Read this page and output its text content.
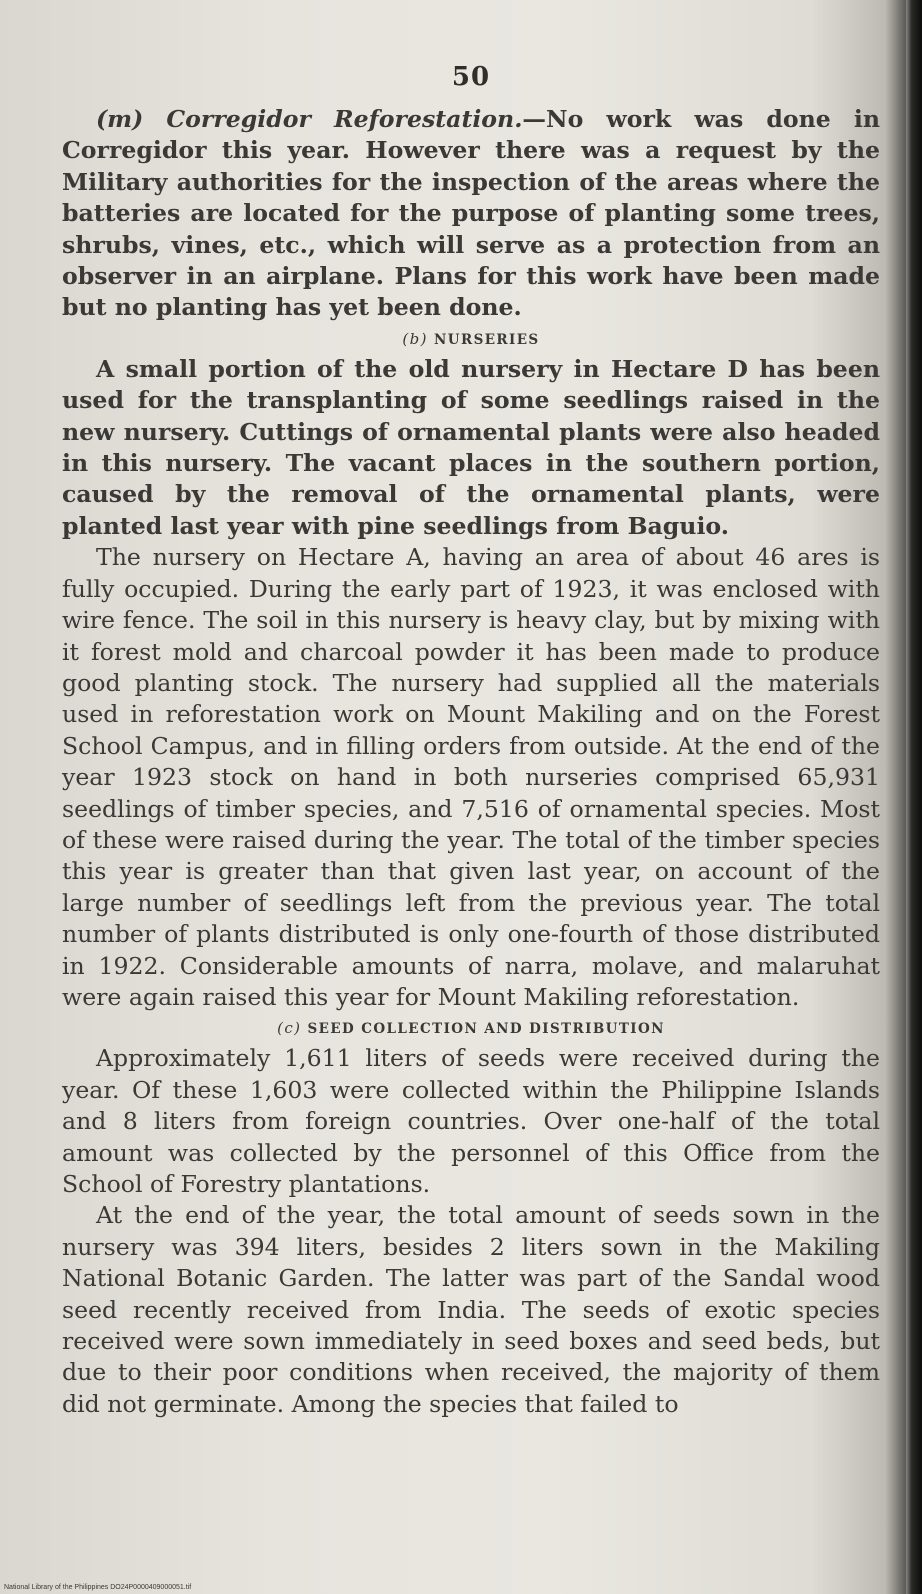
50

(m) Corregidor Reforestation.—No work was done in Corregidor this year. However there was a request by the Military authorities for the inspection of the areas where the batteries are located for the purpose of planting some trees, shrubs, vines, etc., which will serve as a protection from an observer in an airplane. Plans for this work have been made but no planting has yet been done.

(b) NURSERIES

A small portion of the old nursery in Hectare D has been used for the transplanting of some seedlings raised in the new nursery. Cuttings of ornamental plants were also headed in this nursery. The vacant places in the southern portion, caused by the removal of the ornamental plants, were planted last year with pine seedlings from Baguio.

The nursery on Hectare A, having an area of about 46 ares is fully occupied. During the early part of 1923, it was enclosed with wire fence. The soil in this nursery is heavy clay, but by mixing with it forest mold and charcoal powder it has been made to produce good planting stock. The nursery had supplied all the materials used in reforestation work on Mount Makiling and on the Forest School Campus, and in filling orders from outside. At the end of the year 1923 stock on hand in both nurseries comprised 65,931 seedlings of timber species, and 7,516 of ornamental species. Most of these were raised during the year. The total of the timber species this year is greater than that given last year, on account of the large number of seedlings left from the previous year. The total number of plants distributed is only one-fourth of those distributed in 1922. Considerable amounts of narra, molave, and malaruhat were again raised this year for Mount Makiling reforestation.

(c) SEED COLLECTION AND DISTRIBUTION

Approximately 1,611 liters of seeds were received during the year. Of these 1,603 were collected within the Philippine Islands and 8 liters from foreign countries. Over one-half of the total amount was collected by the personnel of this Office from the School of Forestry plantations.

At the end of the year, the total amount of seeds sown in the nursery was 394 liters, besides 2 liters sown in the Makiling National Botanic Garden. The latter was part of the Sandal wood seed recently received from India. The seeds of exotic species received were sown immediately in seed boxes and seed beds, but due to their poor conditions when received, the majority of them did not germinate. Among the species that failed to

National Library of the Philippines DO24P0000409000051.tif
